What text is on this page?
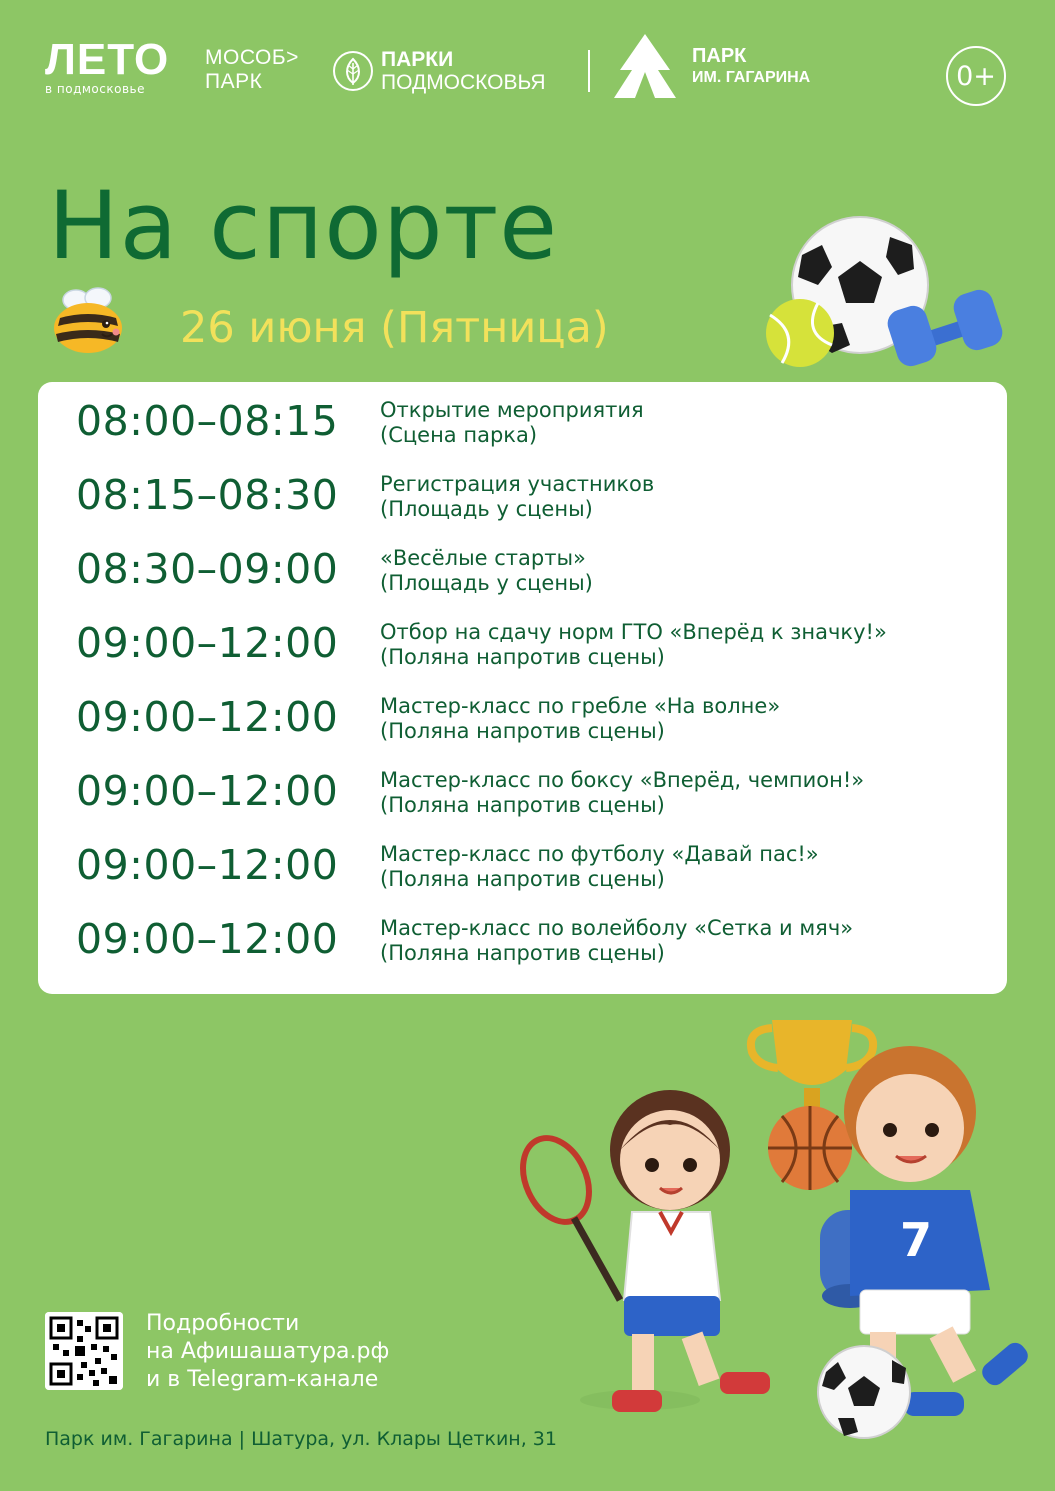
ЛЕТО
в подмосковье
МОСОБ>
ПАРК
ПАРКИ
ПОДМОСКОВЬЯ
ПАРК
ИМ. ГАГАРИНА	0+
На спорте
26 июня (Пятница)
08:00–08:15 Открытие мероприятия
(Сцена парка)
08:15–08:30 Регистрация участников
(Площадь у сцены)
08:30–09:00 «Весёлые старты»
(Площадь у сцены)
09:00–12:00 Отбор на сдачу норм ГТО «Вперёд к значку!»
(Поляна напротив сцены)
09:00–12:00 Мастер-класс по гребле «На волне»
(Поляна напротив сцены)
09:00–12:00 Мастер-класс по боксу «Вперёд, чемпион!»
(Поляна напротив сцены)
09:00–12:00 Мастер-класс по футболу «Давай пас!»
(Поляна напротив сцены)
09:00–12:00 Мастер-класс по волейболу «Сетка и мяч»
(Поляна напротив сцены)
7
Подробности
на Афишашатура.рф
и в Telegram-канале
Парк им. Гагарина | Шатура, ул. Клары Цеткин, 31
